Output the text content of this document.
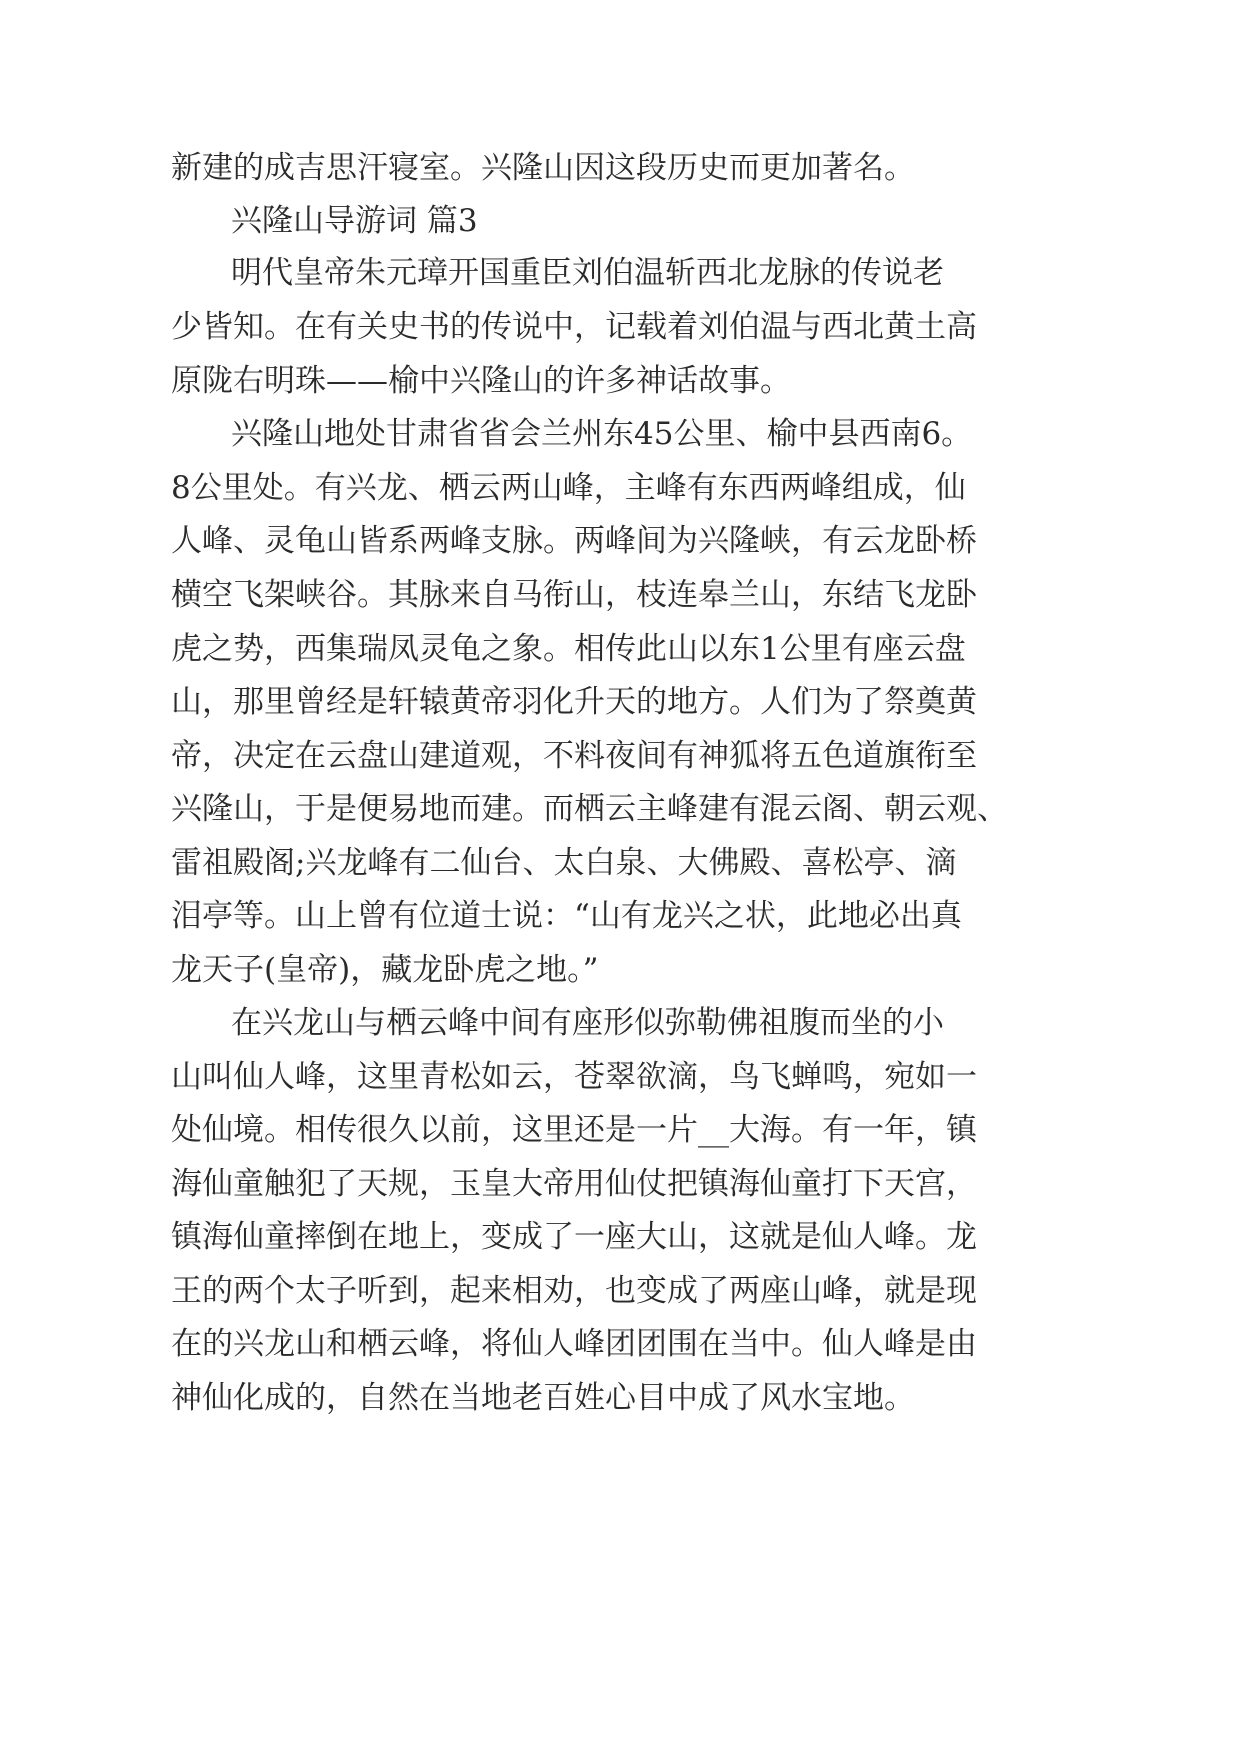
新建的成吉思汗寝室。兴隆山因这段历史而更加著名。

兴隆山导游词 篇3

明代皇帝朱元璋开国重臣刘伯温斩西北龙脉的传说老

少皆知。在有关史书的传说中，记载着刘伯温与西北黄土高

原陇右明珠——榆中兴隆山的许多神话故事。

兴隆山地处甘肃省省会兰州东45公里、榆中县西南6。

8公里处。有兴龙、栖云两山峰，主峰有东西两峰组成，仙

人峰、灵龟山皆系两峰支脉。两峰间为兴隆峡，有云龙卧桥

横空飞架峡谷。其脉来自马衔山，枝连皋兰山，东结飞龙卧

虎之势，西集瑞凤灵龟之象。相传此山以东1公里有座云盘

山，那里曾经是轩辕黄帝羽化升天的地方。人们为了祭奠黄

帝，决定在云盘山建道观，不料夜间有神狐将五色道旗衔至

兴隆山，于是便易地而建。而栖云主峰建有混云阁、朝云观、

雷祖殿阁;兴龙峰有二仙台、太白泉、大佛殿、喜松亭、滴

泪亭等。山上曾有位道士说：“山有龙兴之状，此地必出真

龙天子(皇帝)，藏龙卧虎之地。”

在兴龙山与栖云峰中间有座形似弥勒佛祖腹而坐的小

山叫仙人峰，这里青松如云，苍翠欲滴，鸟飞蝉鸣，宛如一

处仙境。相传很久以前，这里还是一片__大海。有一年，镇

海仙童触犯了天规，玉皇大帝用仙仗把镇海仙童打下天宫，

镇海仙童摔倒在地上，变成了一座大山，这就是仙人峰。龙

王的两个太子听到，起来相劝，也变成了两座山峰，就是现

在的兴龙山和栖云峰，将仙人峰团团围在当中。仙人峰是由

神仙化成的，自然在当地老百姓心目中成了风水宝地。
